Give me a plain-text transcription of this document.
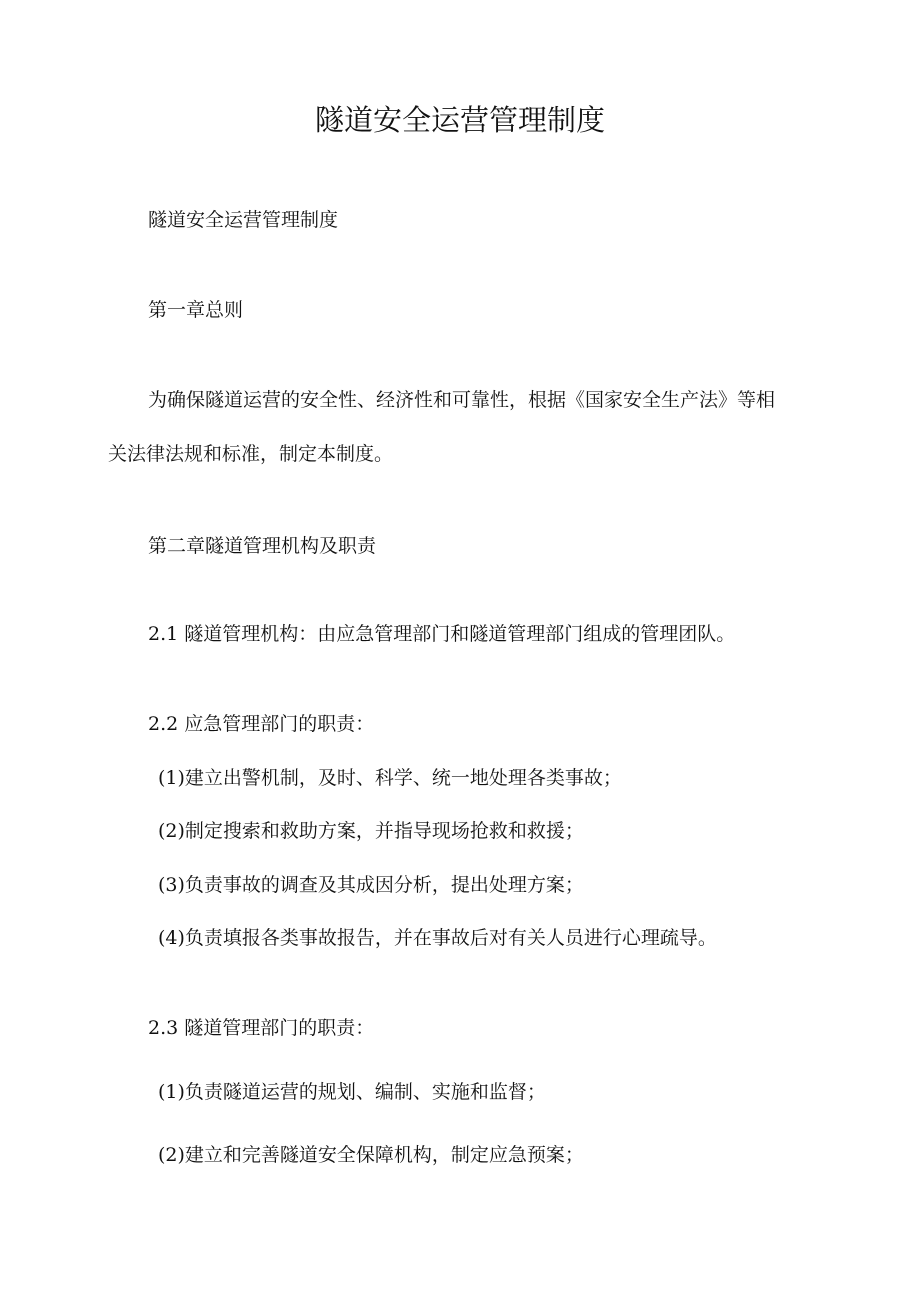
隧道安全运营管理制度
隧道安全运营管理制度
第一章总则
为确保隧道运营的安全性、经济性和可靠性，根据《国家安全生产法》等相
关法律法规和标准，制定本制度。
第二章隧道管理机构及职责
2.1 隧道管理机构：由应急管理部门和隧道管理部门组成的管理团队。
2.2 应急管理部门的职责：
(1)建立出警机制，及时、科学、统一地处理各类事故；
(2)制定搜索和救助方案，并指导现场抢救和救援；
(3)负责事故的调查及其成因分析，提出处理方案；
(4)负责填报各类事故报告，并在事故后对有关人员进行心理疏导。
2.3 隧道管理部门的职责：
(1)负责隧道运营的规划、编制、实施和监督；
(2)建立和完善隧道安全保障机构，制定应急预案；
